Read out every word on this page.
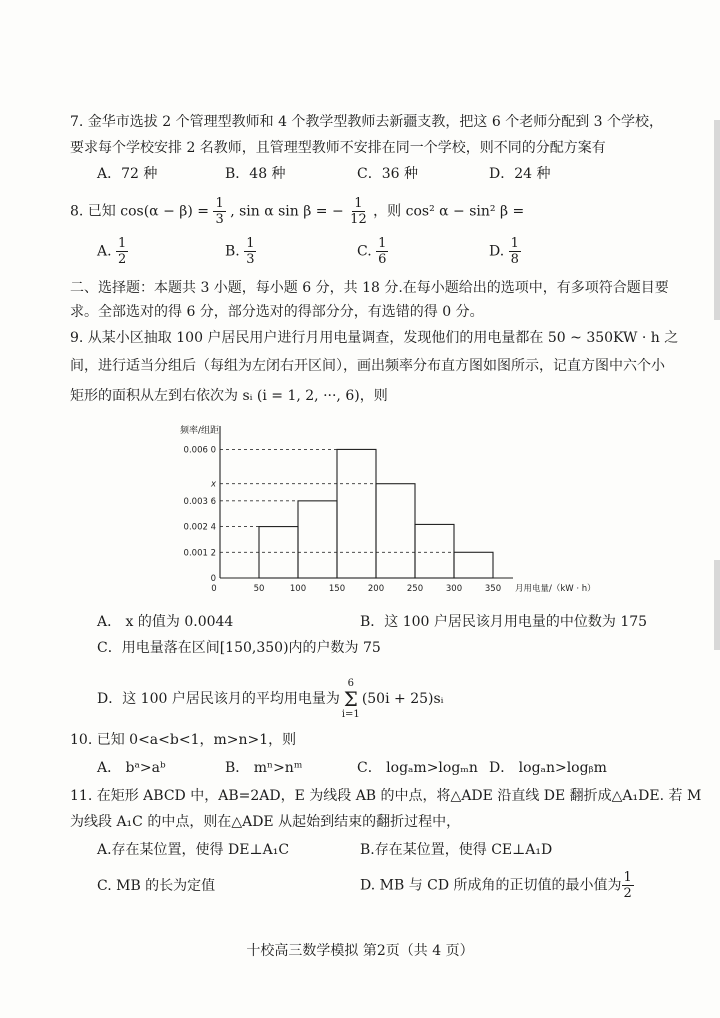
7. 金华市选拔 2 个管理型教师和 4 个教学型教师去新疆支教，把这 6 个老师分配到 3 个学校，
要求每个学校安排 2 名教师，且管理型教师不安排在同一个学校，则不同的分配方案有
A．72 种	B．48 种	C．36 种	D．24 种
8. 已知 $\cos(\alpha - \beta) = \frac{1}{3}$ , sin α sin β = − $\frac{1}{12}$ ，则 cos² α − sin² β =
A. $\frac{1}{2}$	B. $\frac{1}{3}$	C. $\frac{1}{6}$	D. $\frac{1}{8}$
二、选择题：本题共 3 小题，每小题 6 分，共 18 分.在每小题给出的选项中，有多项符合题目要
求。全部选对的得 6 分，部分选对的得部分分，有选错的得 0 分。
9. 从某小区抽取 100 户居民用户进行月用电量调查，发现他们的用电量都在 50 ~ 350KW · h 之
间，进行适当分组后（每组为左闭右开区间），画出频率分布直方图如图所示，记直方图中六个小
矩形的面积从左到右依次为 sᵢ (i = 1, 2, ···, 6)，则
频率/组距
0
0.001 2
0.002 4
0.003 6
x
0.006 0
0	50	100	150	200	250	300	350 月用电量/（kW · h）
A． x 的值为 0.0044	B．这 100 户居民该月用电量的中位数为 175
C．用电量落在区间[150,350)内的户数为 75
D．这 100 户居民该月的平均用电量为
6
Σ
i=1
(50i + 25)sᵢ
10. 已知 0<a<b<1，m>n>1，则
A． bᵃ>aᵇ	B． mⁿ>nᵐ	C． logₐm>logₘn D． logₐn>logᵦm
11. 在矩形 ABCD 中，AB=2AD，E 为线段 AB 的中点，将△ADE 沿直线 DE 翻折成△A₁DE. 若 M
为线段 A₁C 的中点，则在△ADE 从起始到结束的翻折过程中，
A.存在某位置，使得 DE⊥A₁C	B.存在某位置，使得 CE⊥A₁D
C. MB 的长为定值	D. MB 与 CD 所成角的正切值的最小值为 $\frac{1}{2}$
十校高三数学模拟 第2页（共 4 页）
